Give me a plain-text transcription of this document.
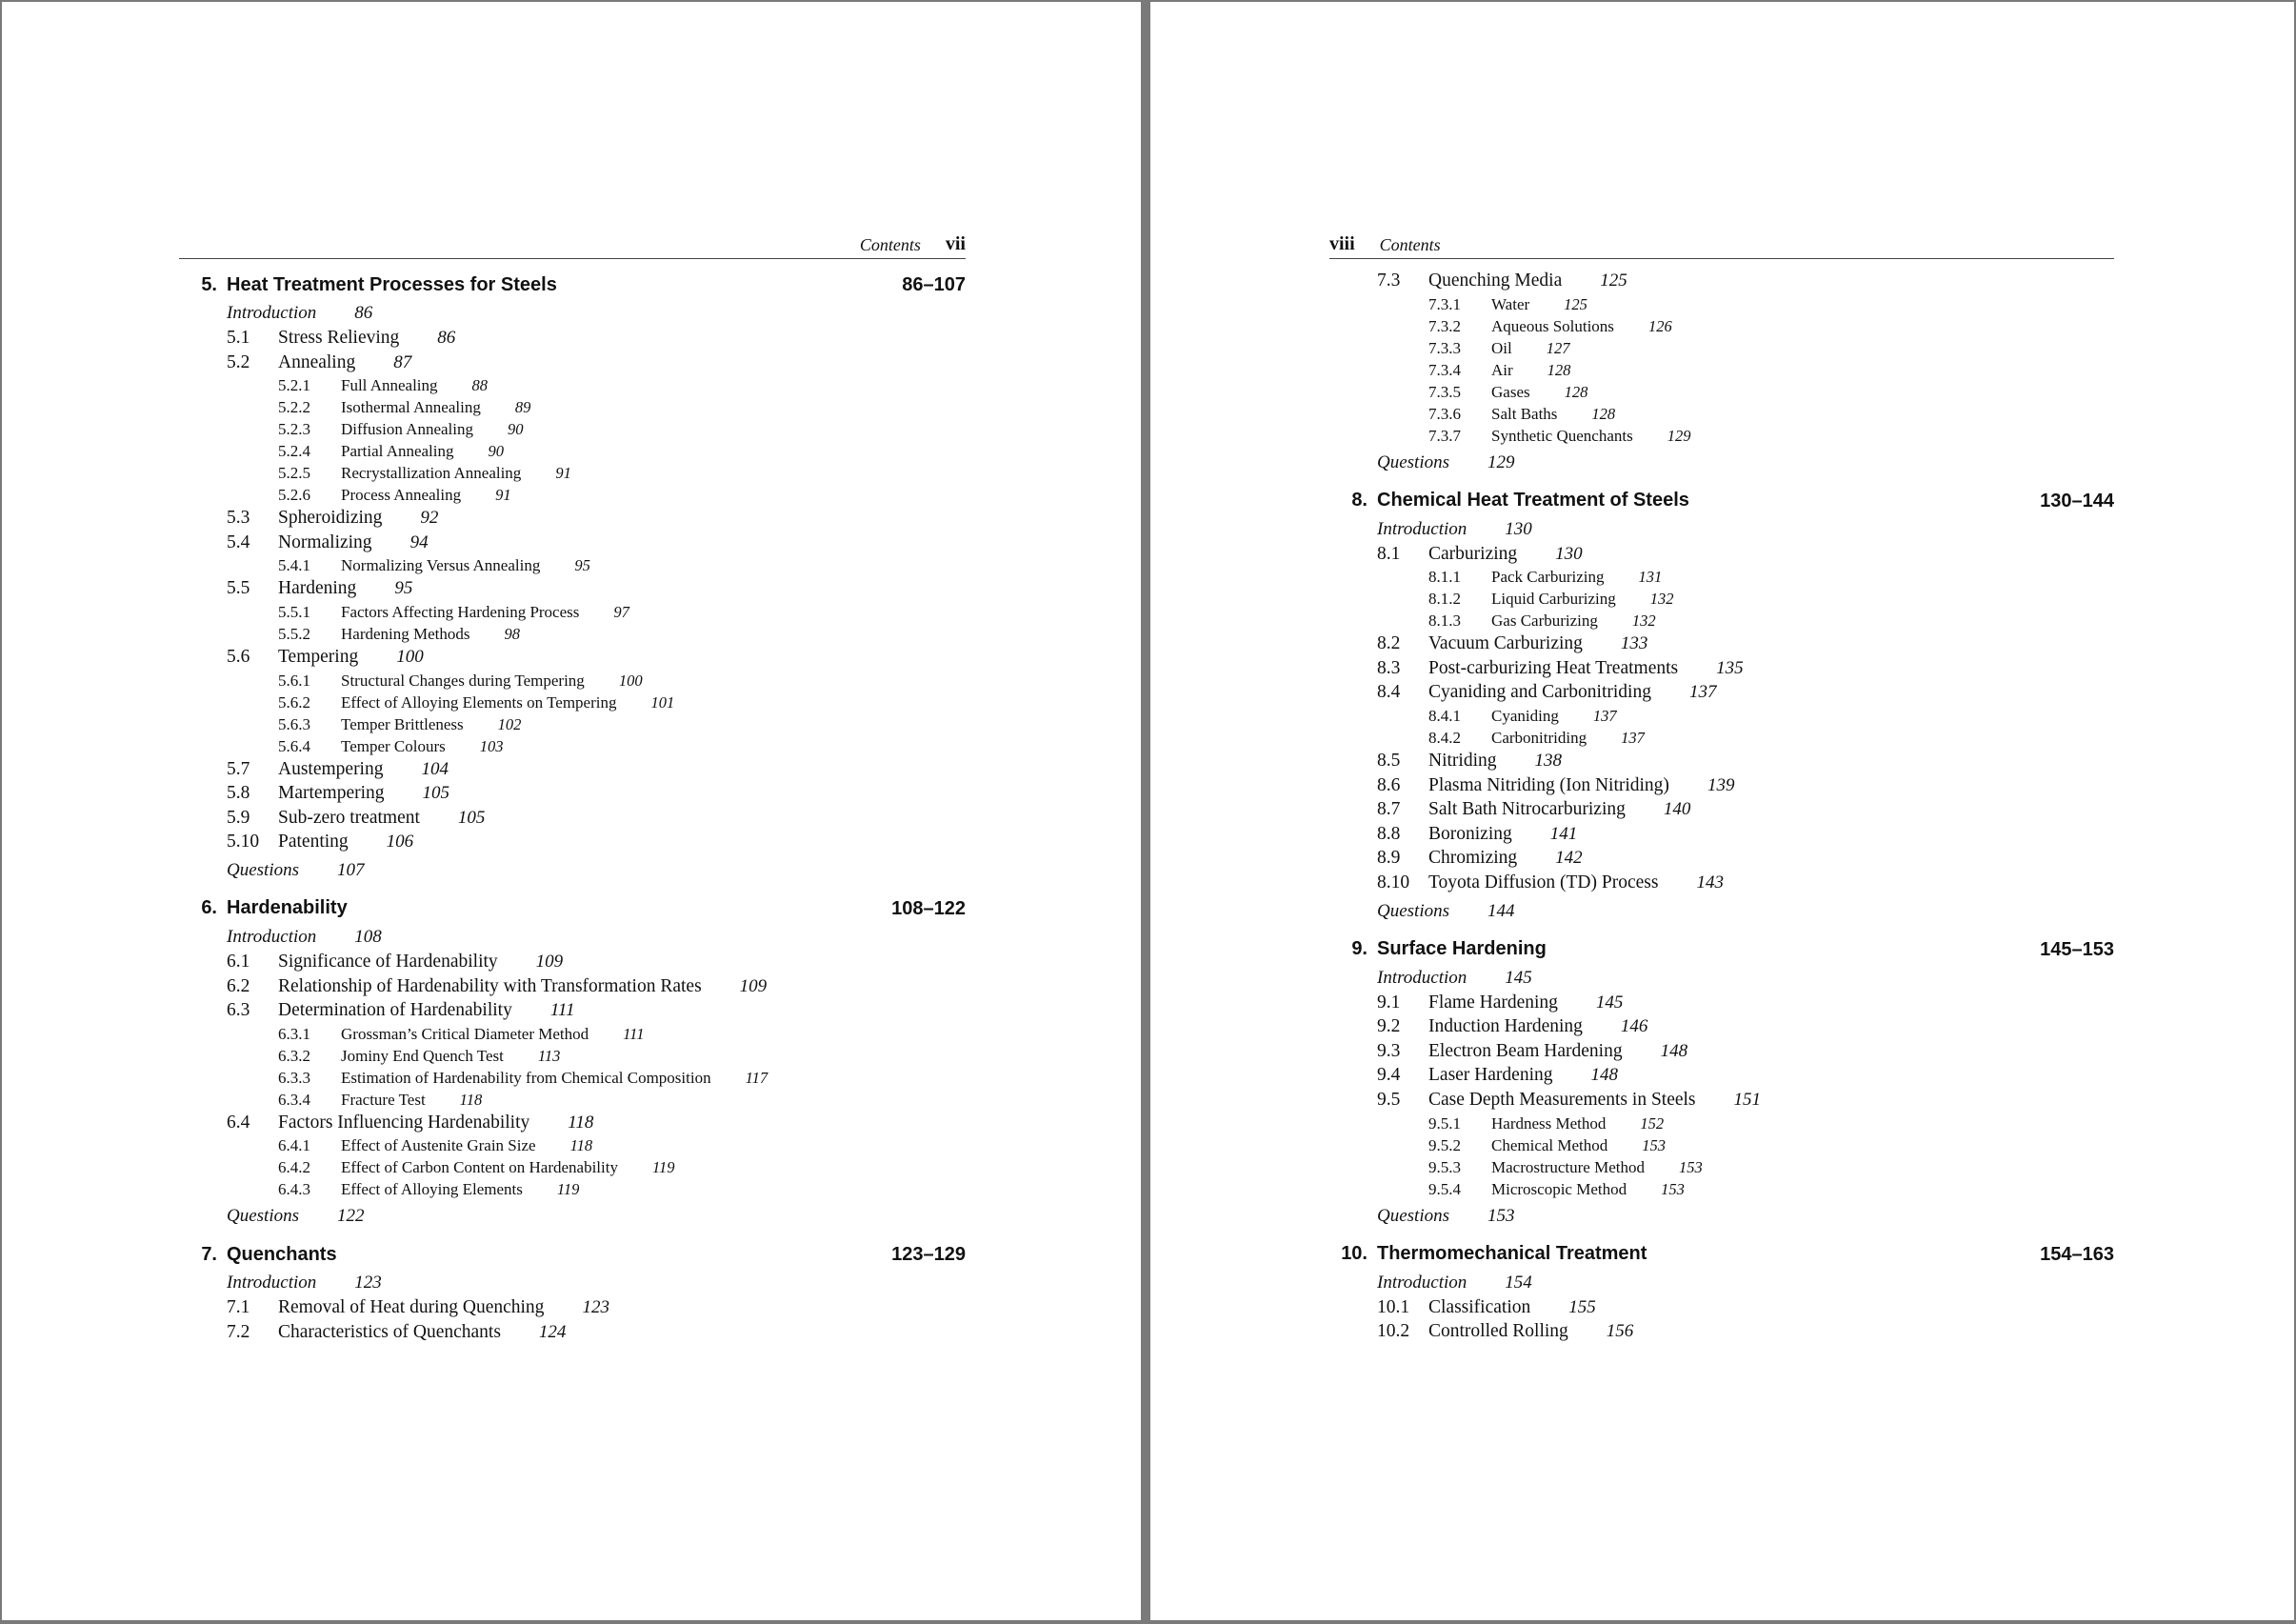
Contents vii
5. Heat Treatment Processes for Steels	86–107
Introduction 86
5.1	Stress Relieving 86
5.2	Annealing 87
5.2.1	Full Annealing 88
5.2.2	Isothermal Annealing 89
5.2.3	Diffusion Annealing 90
5.2.4	Partial Annealing 90
5.2.5	Recrystallization Annealing 91
5.2.6	Process Annealing 91
5.3	Spheroidizing 92
5.4	Normalizing 94
5.4.1	Normalizing Versus Annealing 95
5.5	Hardening 95
5.5.1	Factors Affecting Hardening Process 97
5.5.2	Hardening Methods 98
5.6	Tempering 100
5.6.1	Structural Changes during Tempering 100
5.6.2	Effect of Alloying Elements on Tempering 101
5.6.3	Temper Brittleness 102
5.6.4	Temper Colours 103
5.7	Austempering 104
5.8	Martempering 105
5.9	Sub-zero treatment 105
5.10	Patenting 106
Questions 107
6. Hardenability	108–122
Introduction 108
6.1	Significance of Hardenability 109
6.2	Relationship of Hardenability with Transformation Rates 109
6.3	Determination of Hardenability 111
6.3.1	Grossman’s Critical Diameter Method 111
6.3.2	Jominy End Quench Test 113
6.3.3	Estimation of Hardenability from Chemical Composition 117
6.3.4	Fracture Test 118
6.4	Factors Influencing Hardenability 118
6.4.1	Effect of Austenite Grain Size 118
6.4.2	Effect of Carbon Content on Hardenability 119
6.4.3	Effect of Alloying Elements 119
Questions 122
7. Quenchants	123–129
Introduction 123
7.1	Removal of Heat during Quenching 123
7.2	Characteristics of Quenchants 124
viii Contents
7.3	Quenching Media 125
7.3.1	Water 125
7.3.2	Aqueous Solutions 126
7.3.3	Oil 127
7.3.4	Air 128
7.3.5	Gases 128
7.3.6	Salt Baths 128
7.3.7	Synthetic Quenchants 129
Questions 129
8. Chemical Heat Treatment of Steels	130–144
Introduction 130
8.1	Carburizing 130
8.1.1	Pack Carburizing 131
8.1.2	Liquid Carburizing 132
8.1.3	Gas Carburizing 132
8.2	Vacuum Carburizing 133
8.3	Post-carburizing Heat Treatments 135
8.4	Cyaniding and Carbonitriding 137
8.4.1	Cyaniding 137
8.4.2	Carbonitriding 137
8.5	Nitriding 138
8.6	Plasma Nitriding (Ion Nitriding) 139
8.7	Salt Bath Nitrocarburizing 140
8.8	Boronizing 141
8.9	Chromizing 142
8.10	Toyota Diffusion (TD) Process 143
Questions 144
9. Surface Hardening	145–153
Introduction 145
9.1	Flame Hardening 145
9.2	Induction Hardening 146
9.3	Electron Beam Hardening 148
9.4	Laser Hardening 148
9.5	Case Depth Measurements in Steels 151
9.5.1	Hardness Method 152
9.5.2	Chemical Method 153
9.5.3	Macrostructure Method 153
9.5.4	Microscopic Method 153
Questions 153
10. Thermomechanical Treatment	154–163
Introduction 154
10.1	Classification 155
10.2	Controlled Rolling 156
